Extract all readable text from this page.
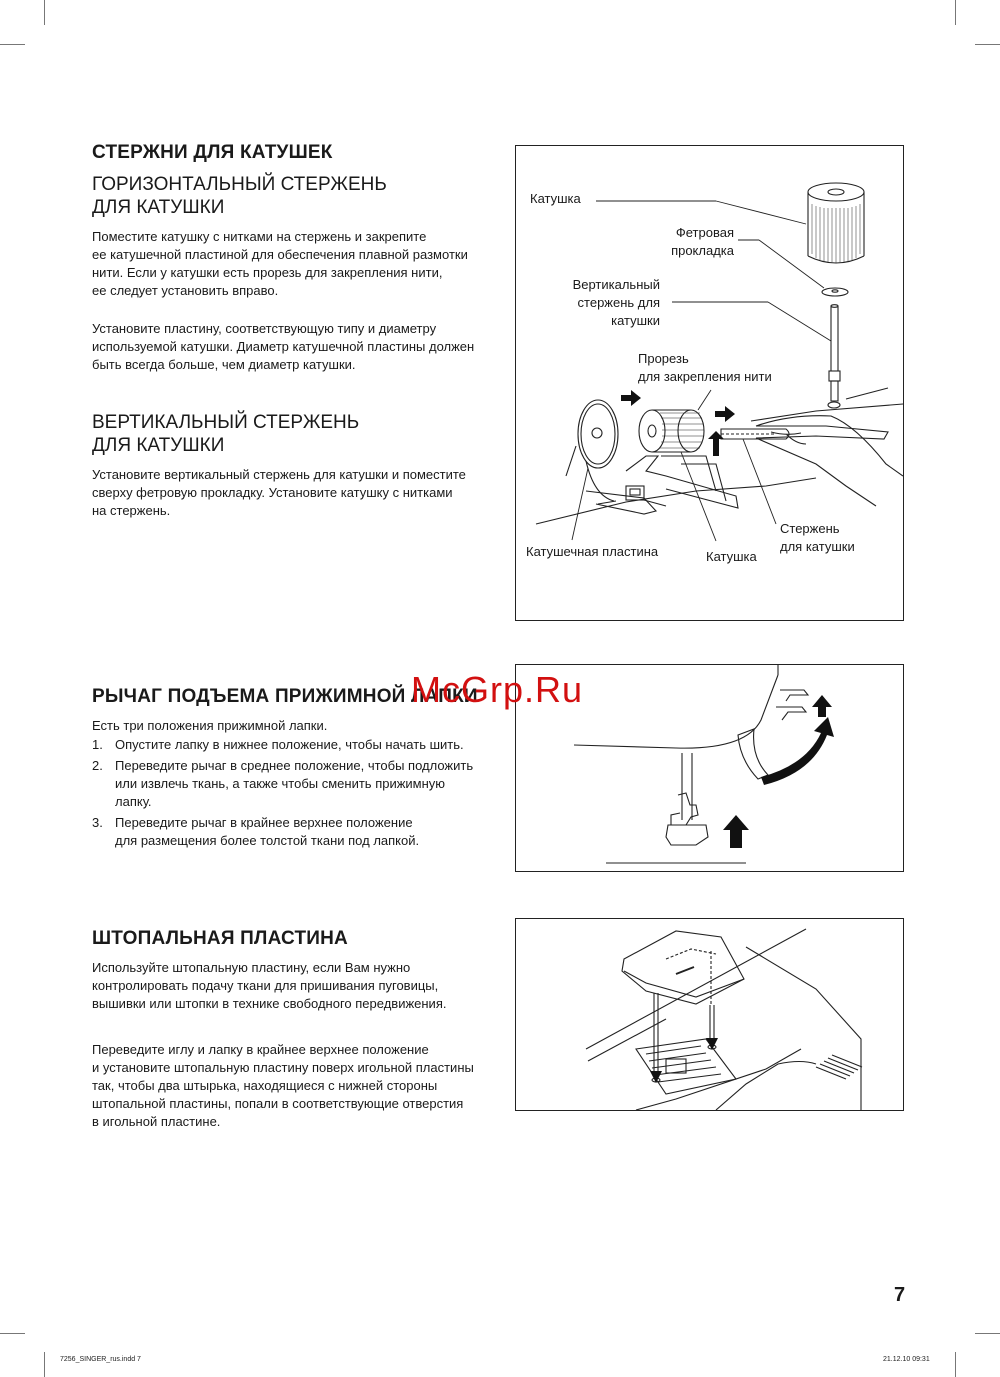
СТЕРЖНИ ДЛЯ КАТУШЕК
ГОРИЗОНТАЛЬНЫЙ СТЕРЖЕНЬ
ДЛЯ КАТУШКИ
Поместите катушку с нитками на стержень и закрепите
ее катушечной пластиной для обеспечения плавной размотки
нити. Если у катушки есть прорезь для закрепления нити,
ее следует установить вправо.
Установите пластину, соответствующую типу и диаметру
используемой катушки. Диаметр катушечной пластины должен
быть всегда больше, чем диаметр катушки.
ВЕРТИКАЛЬНЫЙ СТЕРЖЕНЬ
ДЛЯ КАТУШКИ
Установите вертикальный стержень для катушки и поместите
сверху фетровую прокладку. Установите катушку с нитками
на стержень.
Катушка
Фетровая
прокладка
Вертикальный
стержень для
катушки
Прорезь
для закрепления нити
Катушечная пластина	Катушка
Стержень
для катушки
РЫЧАГ ПОДЪЕМА ПРИЖИМНОЙ ЛАПКИ
Есть три положения прижимной лапки.
1. Опустите лапку в нижнее положение, чтобы начать шить.
2. Переведите рычаг в среднее положение, чтобы подложить
или извлечь ткань, а также чтобы сменить прижимную
лапку.
3. Переведите рычаг в крайнее верхнее положение
для размещения более толстой ткани под лапкой.
ШТОПАЛЬНАЯ ПЛАСТИНА
Используйте штопальную пластину, если Вам нужно
контролировать подачу ткани для пришивания пуговицы,
вышивки или штопки в технике свободного передвижения.
Переведите иглу и лапку в крайнее верхнее положение
и установите штопальную пластину поверх игольной пластины
так, чтобы два штырька, находящиеся с нижней стороны
штопальной пластины, попали в соответствующие отверстия
в игольной пластине.
McGrp.Ru
7
7256_SINGER_rus.indd 7	21.12.10 09:31
